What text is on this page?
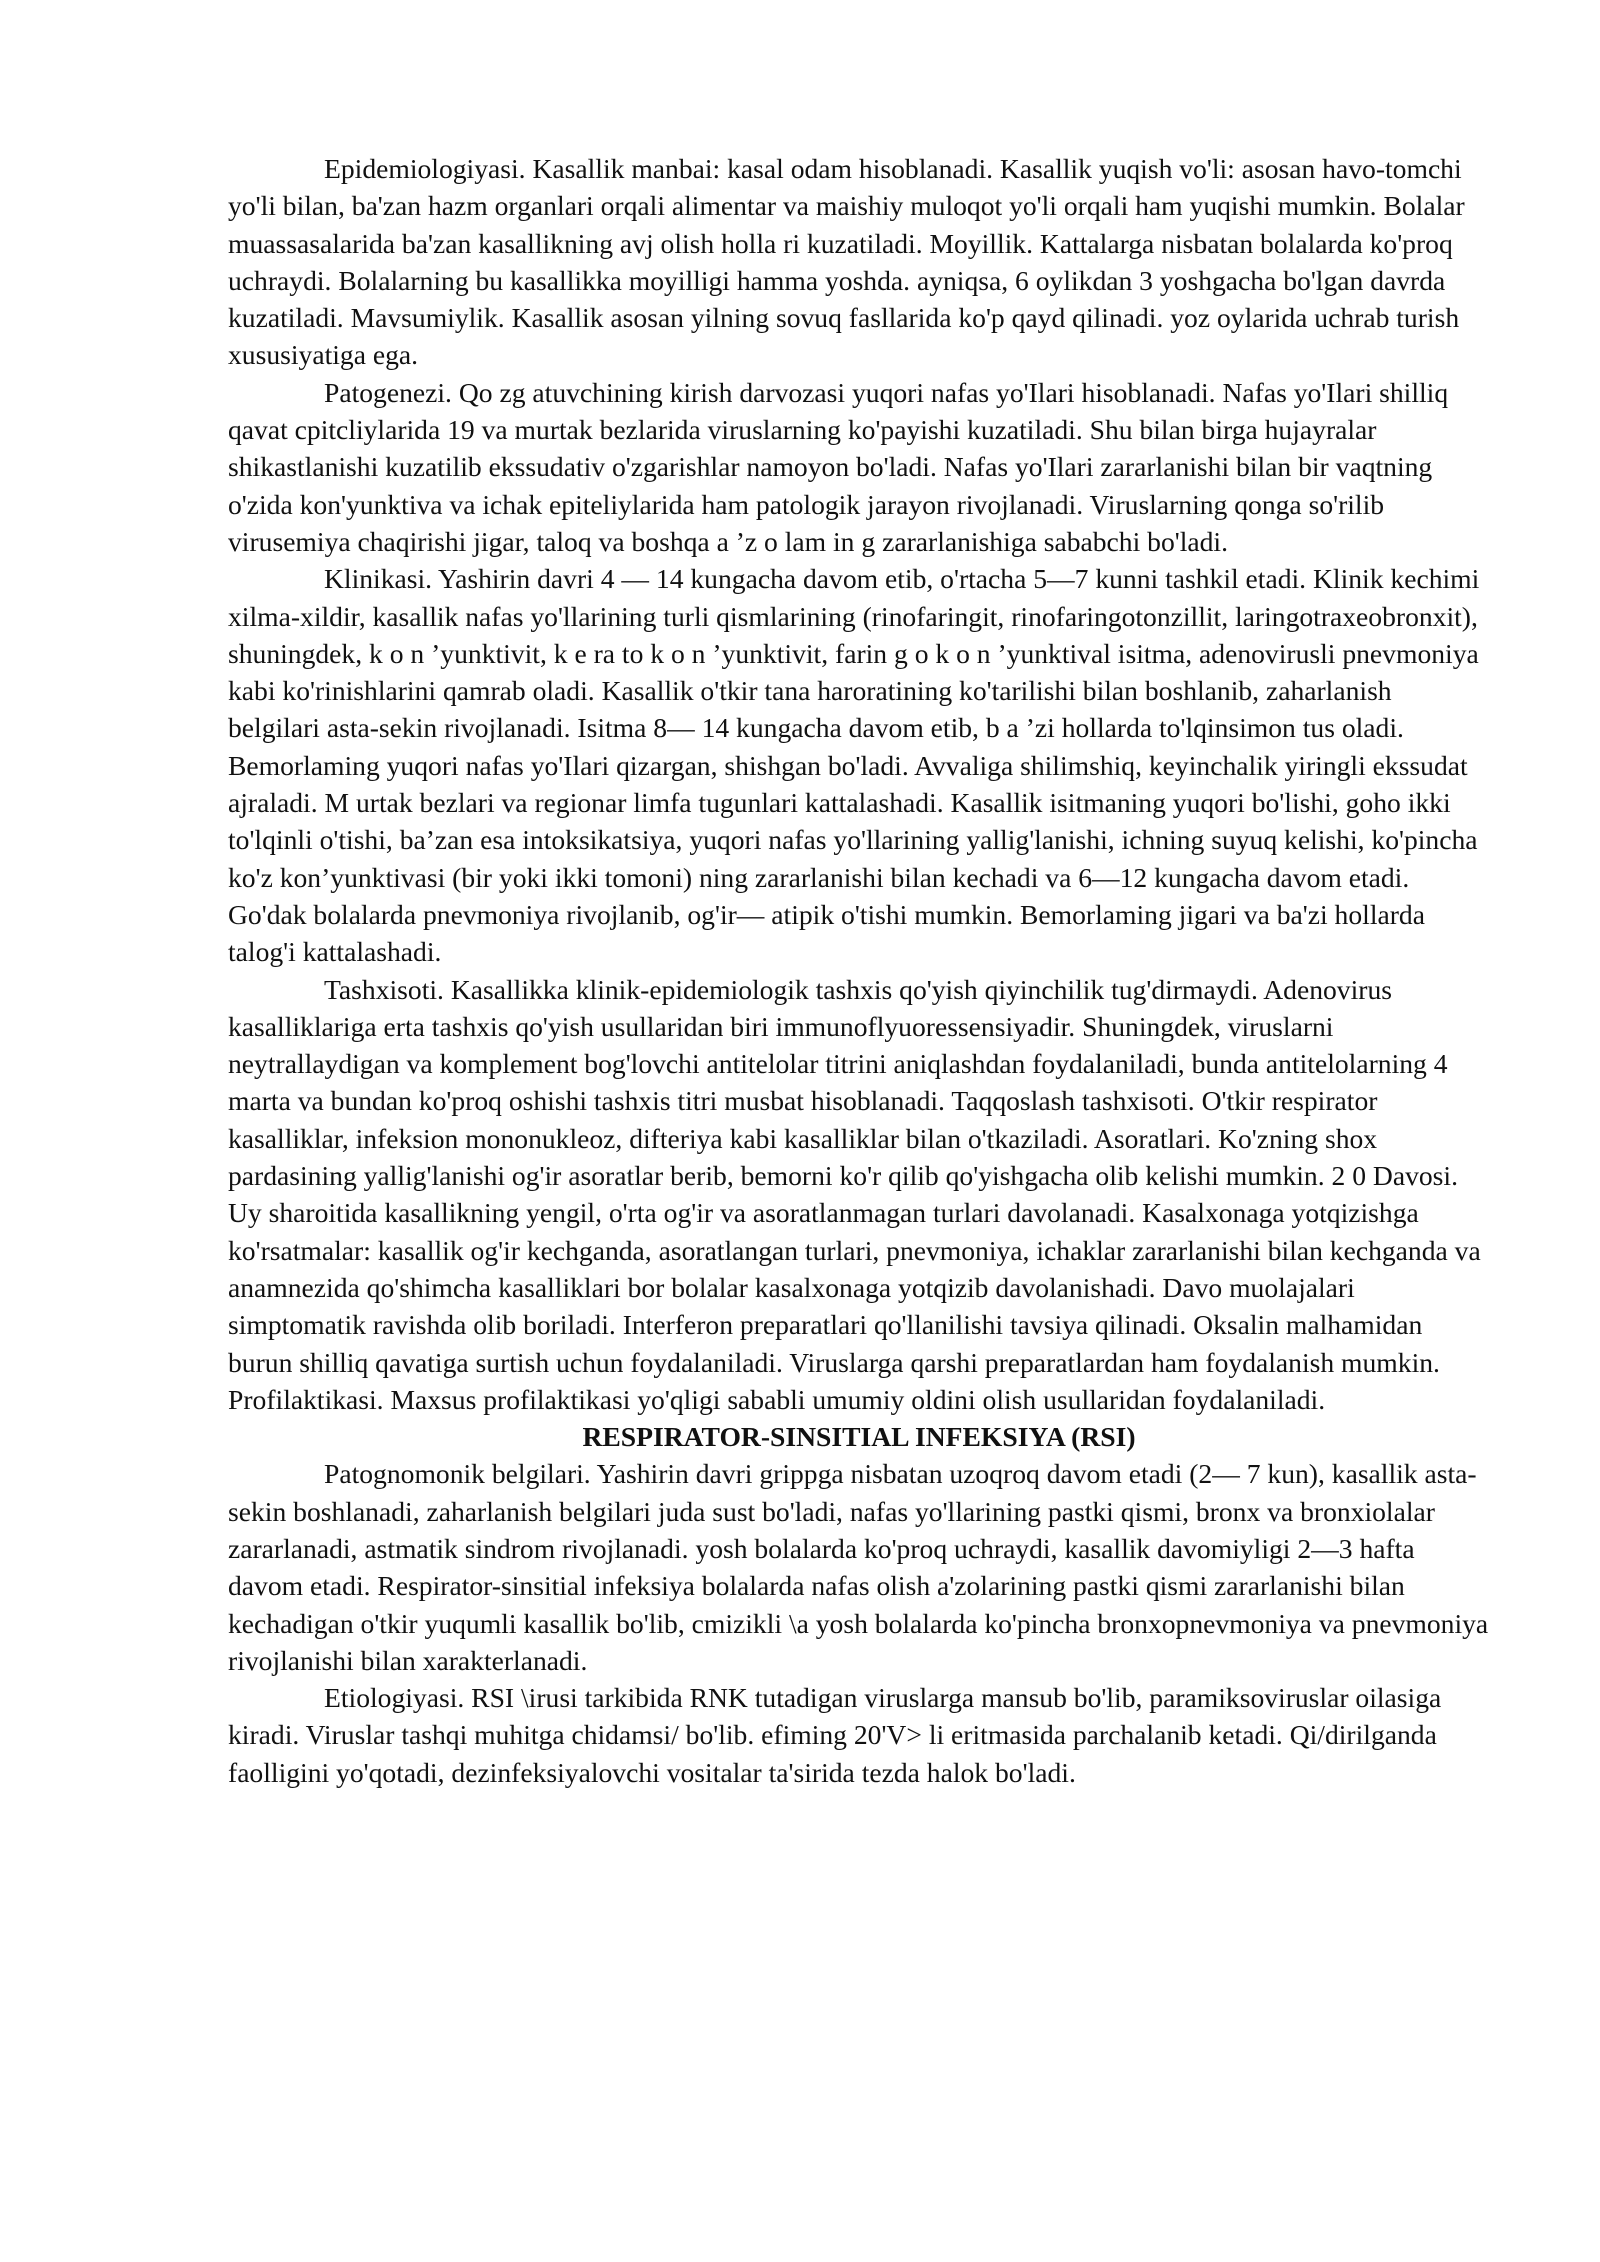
Epidemiologiyasi. Kasallik manbai: kasal odam hisoblanadi. Kasallik yuqish vo'li: asosan havo-tomchi yo'li bilan, ba'zan hazm organlari orqali alimentar va maishiy muloqot yo'li orqali ham yuqishi mumkin. Bolalar muassasalarida ba'zan kasallikning avj olish holla ri kuzatiladi. Moyillik. Kattalarga nisbatan bolalarda ko'proq uchraydi. Bolalarning bu kasallikka moyilligi hamma yoshda. ayniqsa, 6 oylikdan 3 yoshgacha bo'lgan davrda kuzatiladi. Mavsumiylik. Kasallik asosan yilning sovuq fasllarida ko'p qayd qilinadi. yoz oylarida uchrab turish xususiyatiga ega.

Patogenezi. Qo zg atuvchining kirish darvozasi yuqori nafas yo'Ilari hisoblanadi. Nafas yo'Ilari shilliq qavat cpitcliylarida 19 va murtak bezlarida viruslarning ko'payishi kuzatiladi. Shu bilan birga hujayralar shikastlanishi kuzatilib ekssudativ o'zgarishlar namoyon bo'ladi. Nafas yo'Ilari zararlanishi bilan bir vaqtning o'zida kon'yunktiva va ichak epiteliylarida ham patologik jarayon rivojlanadi. Viruslarning qonga so'rilib virusemiya chaqirishi jigar, taloq va boshqa a ’z o lam in g zararlanishiga sababchi bo'ladi.

Klinikasi. Yashirin davri 4 — 14 kungacha davom etib, o'rtacha 5—7 kunni tashkil etadi. Klinik kechimi xilma-xildir, kasallik nafas yo'llarining turli qismlarining (rinofaringit, rinofaringotonzillit, laringotraxeobronxit), shuningdek, k o n ’yunktivit, k e ra to k o n ’yunktivit, farin g o k o n ’yunktival isitma, adenovirusli pnevmoniya kabi ko'rinishlarini qamrab oladi. Kasallik o'tkir tana haroratining ko'tarilishi bilan boshlanib, zaharlanish belgilari asta-sekin rivojlanadi. Isitma 8— 14 kungacha davom etib, b a ’zi hollarda to'lqinsimon tus oladi. Bemorlaming yuqori nafas yo'Ilari qizargan, shishgan bo'ladi. Avvaliga shilimshiq, keyinchalik yiringli ekssudat ajraladi. M urtak bezlari va regionar limfa tugunlari kattalashadi. Kasallik isitmaning yuqori bo'lishi, goho ikki to'lqinli o'tishi, ba’zan esa intoksikatsiya, yuqori nafas yo'llarining yallig'lanishi, ichning suyuq kelishi, ko'pincha ko'z kon’yunktivasi (bir yoki ikki tomoni) ning zararlanishi bilan kechadi va 6—12 kungacha davom etadi. Go'dak bolalarda pnevmoniya rivojlanib, og'ir— atipik o'tishi mumkin. Bemorlaming jigari va ba'zi hollarda talog'i kattalashadi.

Tashxisoti. Kasallikka klinik-epidemiologik tashxis qo'yish qiyinchilik tug'dirmaydi. Adenovirus kasalliklariga erta tashxis qo'yish usullaridan biri immunoflyuoressensiyadir. Shuningdek, viruslarni neytrallaydigan va komplement bog'lovchi antitelolar titrini aniqlashdan foydalaniladi, bunda antitelolarning 4 marta va bundan ko'proq oshishi tashxis titri musbat hisoblanadi. Taqqoslash tashxisoti. O'tkir respirator kasalliklar, infeksion mononukleoz, difteriya kabi kasalliklar bilan o'tkaziladi. Asoratlari. Ko'zning shox pardasining yallig'lanishi og'ir asoratlar berib, bemorni ko'r qilib qo'yishgacha olib kelishi mumkin. 2 0 Davosi. Uy sharoitida kasallikning yengil, o'rta og'ir va asoratlanmagan turlari davolanadi. Kasalxonaga yotqizishga ko'rsatmalar: kasallik og'ir kechganda, asoratlangan turlari, pnevmoniya, ichaklar zararlanishi bilan kechganda va anamnezida qo'shimcha kasalliklari bor bolalar kasalxonaga yotqizib davolanishadi. Davo muolajalari simptomatik ravishda olib boriladi. Interferon preparatlari qo'llanilishi tavsiya qilinadi. Oksalin malhamidan burun shilliq qavatiga surtish uchun foydalaniladi. Viruslarga qarshi preparatlardan ham foydalanish mumkin. Profilaktikasi. Maxsus profilaktikasi yo'qligi sababli umumiy oldini olish usullaridan foydalaniladi.

RESPIRATOR-SINSITIAL INFEKSIYA (RSI)

Patognomonik belgilari. Yashirin davri grippga nisbatan uzoqroq davom etadi (2— 7 kun), kasallik asta-sekin boshlanadi, zaharlanish belgilari juda sust bo'ladi, nafas yo'llarining pastki qismi, bronx va bronxiolalar zararlanadi, astmatik sindrom rivojlanadi. yosh bolalarda ko'proq uchraydi, kasallik davomiyligi 2—3 hafta davom etadi. Respirator-sinsitial infeksiya bolalarda nafas olish a'zolarining pastki qismi zararlanishi bilan kechadigan o'tkir yuqumli kasallik bo'lib, cmizikli \a yosh bolalarda ko'pincha bronxopnevmoniya va pnevmoniya rivojlanishi bilan xarakterlanadi.

Etiologiyasi. RSI \irusi tarkibida RNK tutadigan viruslarga mansub bo'lib, paramiksoviruslar oilasiga kiradi. Viruslar tashqi muhitga chidamsi/ bo'lib. efiming 20'V> li eritmasida parchalanib ketadi. Qi/dirilganda faolligini yo'qotadi, dezinfeksiyalovchi vositalar ta'sirida tezda halok bo'ladi.
